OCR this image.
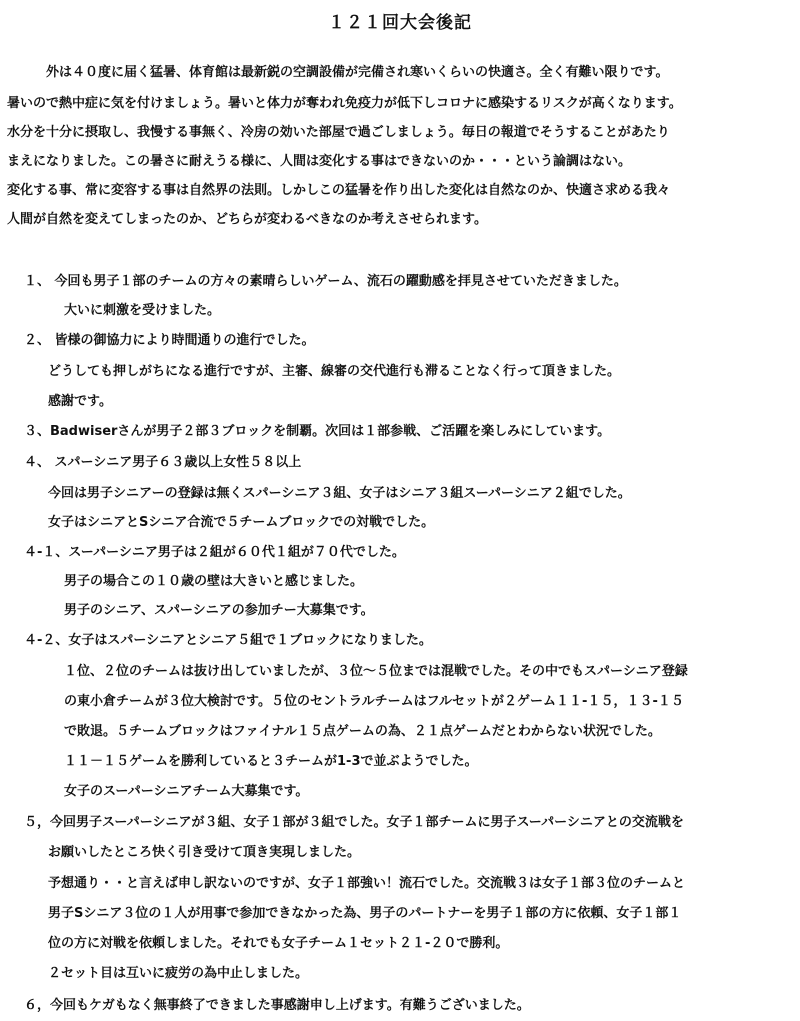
１２１回大会後記
外は４０度に届く猛暑、体育館は最新鋭の空調設備が完備され寒いくらいの快適さ。全く有難い限りです。
暑いので熱中症に気を付けましょう。暑いと体力が奪われ免疫力が低下しコロナに感染するリスクが高くなります。
水分を十分に摂取し、我慢する事無く、冷房の効いた部屋で過ごしましょう。毎日の報道でそうすることがあたり
まえになりました。この暑さに耐えうる様に、人間は変化する事はできないのか・・・という論調はない。
変化する事、常に変容する事は自然界の法則。しかしこの猛暑を作り出した変化は自然なのか、快適さ求める我々
人間が自然を変えてしまったのか、どちらが変わるべきなのか考えさせられます。
１、 今回も男子１部のチームの方々の素晴らしいゲーム、流石の躍動感を拝見させていただきました。
大いに刺激を受けました。
２、 皆様の御協力により時間通りの進行でした。
どうしても押しがちになる進行ですが、主審、線審の交代進行も滞ることなく行って頂きました。
感謝です。
３、Badwiserさんが男子２部３ブロックを制覇。次回は１部参戦、ご活躍を楽しみにしています。
４、 スパーシニア男子６３歳以上女性５８以上
今回は男子シニアーの登録は無くスパーシニア３組、女子はシニア３組スーパーシニア２組でした。
女子はシニアとSシニア合流で５チームブロックでの対戦でした。
４-１、スーパーシニア男子は２組が６０代１組が７０代でした。
男子の場合この１０歳の壁は大きいと感じました。
男子のシニア、スパーシニアの参加チー大募集です。
４-２、女子はスパーシニアとシニア５組で１ブロックになりました。
１位、２位のチームは抜け出していましたが、３位～５位までは混戦でした。その中でもスパーシニア登録
の東小倉チームが３位大検討です。５位のセントラルチームはフルセットが２ゲーム１１-１５，１３-１５
で敗退。５チームブロックはファイナル１５点ゲームの為、２１点ゲームだとわからない状況でした。
１１－１５ゲームを勝利していると３チームが1-3で並ぶようでした。
女子のスーパーシニアチーム大募集です。
５，今回男子スーパーシニアが３組、女子１部が３組でした。女子１部チームに男子スーパーシニアとの交流戦を
お願いしたところ快く引き受けて頂き実現しました。
予想通り・・と言えば申し訳ないのですが、女子１部強い！流石でした。交流戦３は女子１部３位のチームと
男子Sシニア３位の１人が用事で参加できなかった為、男子のパートナーを男子１部の方に依頼、女子１部１
位の方に対戦を依頼しました。それでも女子チーム１セット２１-２０で勝利。
２セット目は互いに疲労の為中止しました。
６，今回もケガもなく無事終了できました事感謝申し上げます。有難うございました。
